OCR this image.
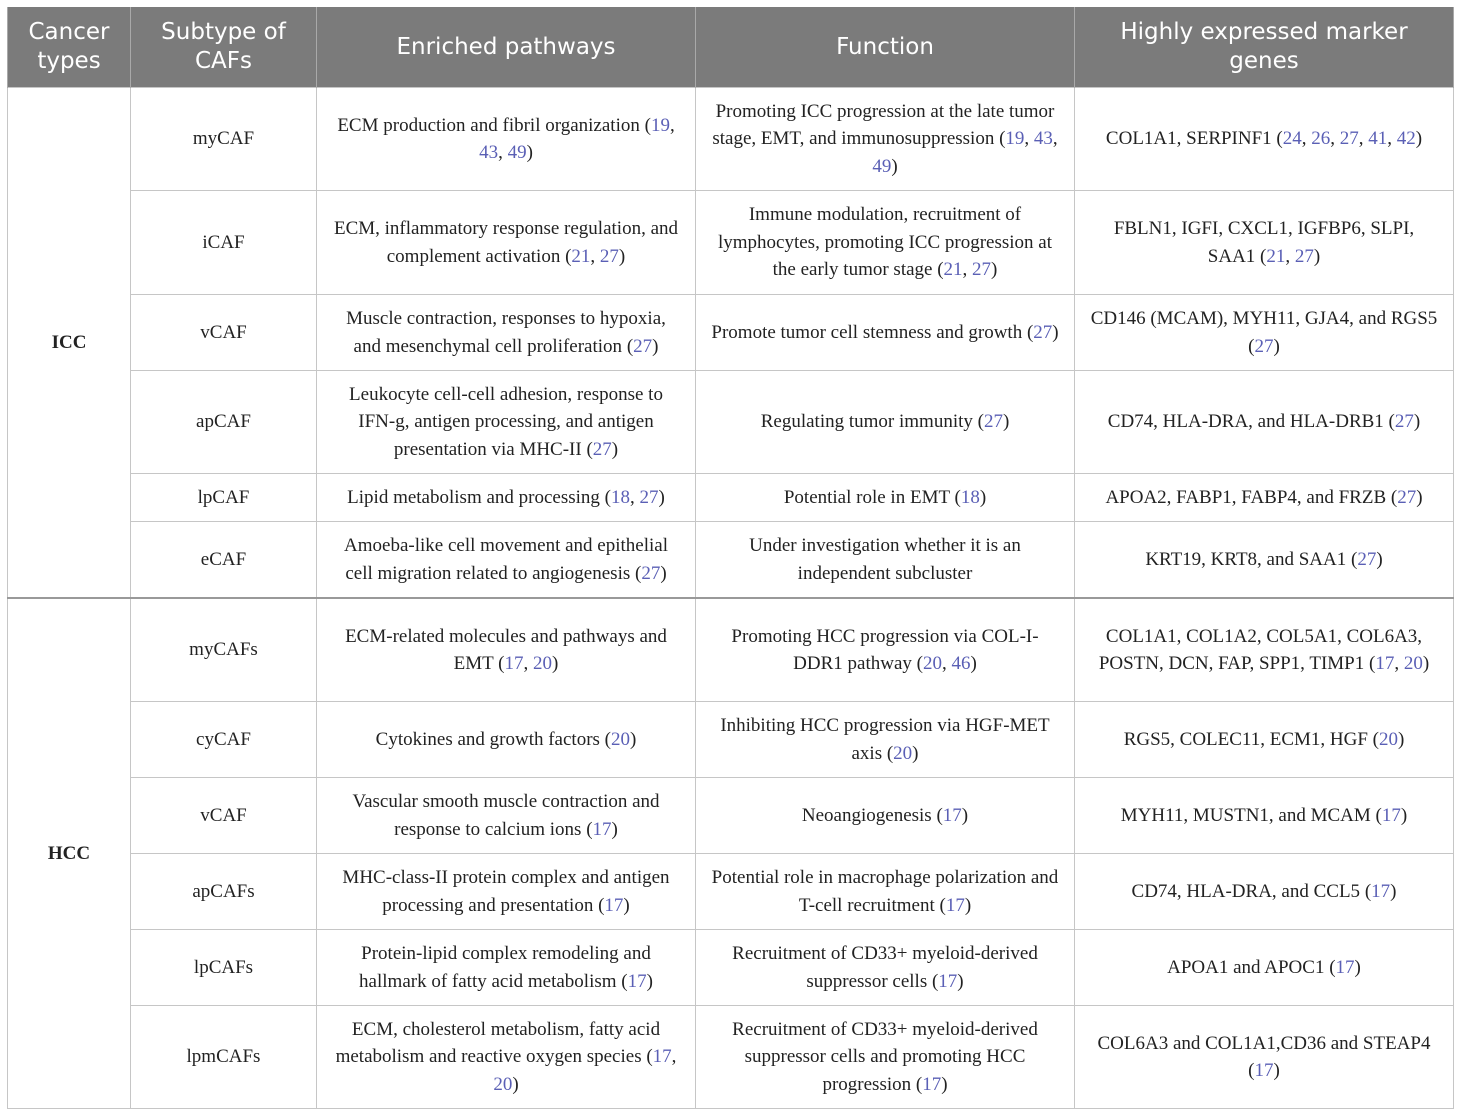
Cancer types	Subtype of CAFs	Enriched pathways	Function	Highly expressed marker genes
ICC	myCAF	ECM production and fibril organization (19, 43, 49)	Promoting ICC progression at the late tumor stage, EMT, and immunosuppression (19, 43, 49)	COL1A1, SERPINF1 (24, 26, 27, 41, 42)
	iCAF	ECM, inflammatory response regulation, and complement activation (21, 27)	Immune modulation, recruitment of lymphocytes, promoting ICC progression at the early tumor stage (21, 27)	FBLN1, IGFI, CXCL1, IGFBP6, SLPI, SAA1 (21, 27)
	vCAF	Muscle contraction, responses to hypoxia, and mesenchymal cell proliferation (27)	Promote tumor cell stemness and growth (27)	CD146 (MCAM), MYH11, GJA4, and RGS5 (27)
	apCAF	Leukocyte cell-cell adhesion, response to IFN-g, antigen processing, and antigen presentation via MHC-II (27)	Regulating tumor immunity (27)	CD74, HLA-DRA, and HLA-DRB1 (27)
	lpCAF	Lipid metabolism and processing (18, 27)	Potential role in EMT (18)	APOA2, FABP1, FABP4, and FRZB (27)
	eCAF	Amoeba-like cell movement and epithelial cell migration related to angiogenesis (27)	Under investigation whether it is an independent subcluster	KRT19, KRT8, and SAA1 (27)
HCC	myCAFs	ECM-related molecules and pathways and EMT (17, 20)	Promoting HCC progression via COL-I-DDR1 pathway (20, 46)	COL1A1, COL1A2, COL5A1, COL6A3, POSTN, DCN, FAP, SPP1, TIMP1 (17, 20)
	cyCAF	Cytokines and growth factors (20)	Inhibiting HCC progression via HGF-MET axis (20)	RGS5, COLEC11, ECM1, HGF (20)
	vCAF	Vascular smooth muscle contraction and response to calcium ions (17)	Neoangiogenesis (17)	MYH11, MUSTN1, and MCAM (17)
	apCAFs	MHC-class-II protein complex and antigen processing and presentation (17)	Potential role in macrophage polarization and T-cell recruitment (17)	CD74, HLA-DRA, and CCL5 (17)
	lpCAFs	Protein-lipid complex remodeling and hallmark of fatty acid metabolism (17)	Recruitment of CD33+ myeloid-derived suppressor cells (17)	APOA1 and APOC1 (17)
	lpmCAFs	ECM, cholesterol metabolism, fatty acid metabolism and reactive oxygen species (17, 20)	Recruitment of CD33+ myeloid-derived suppressor cells and promoting HCC progression (17)	COL6A3 and COL1A1,CD36 and STEAP4 (17)
